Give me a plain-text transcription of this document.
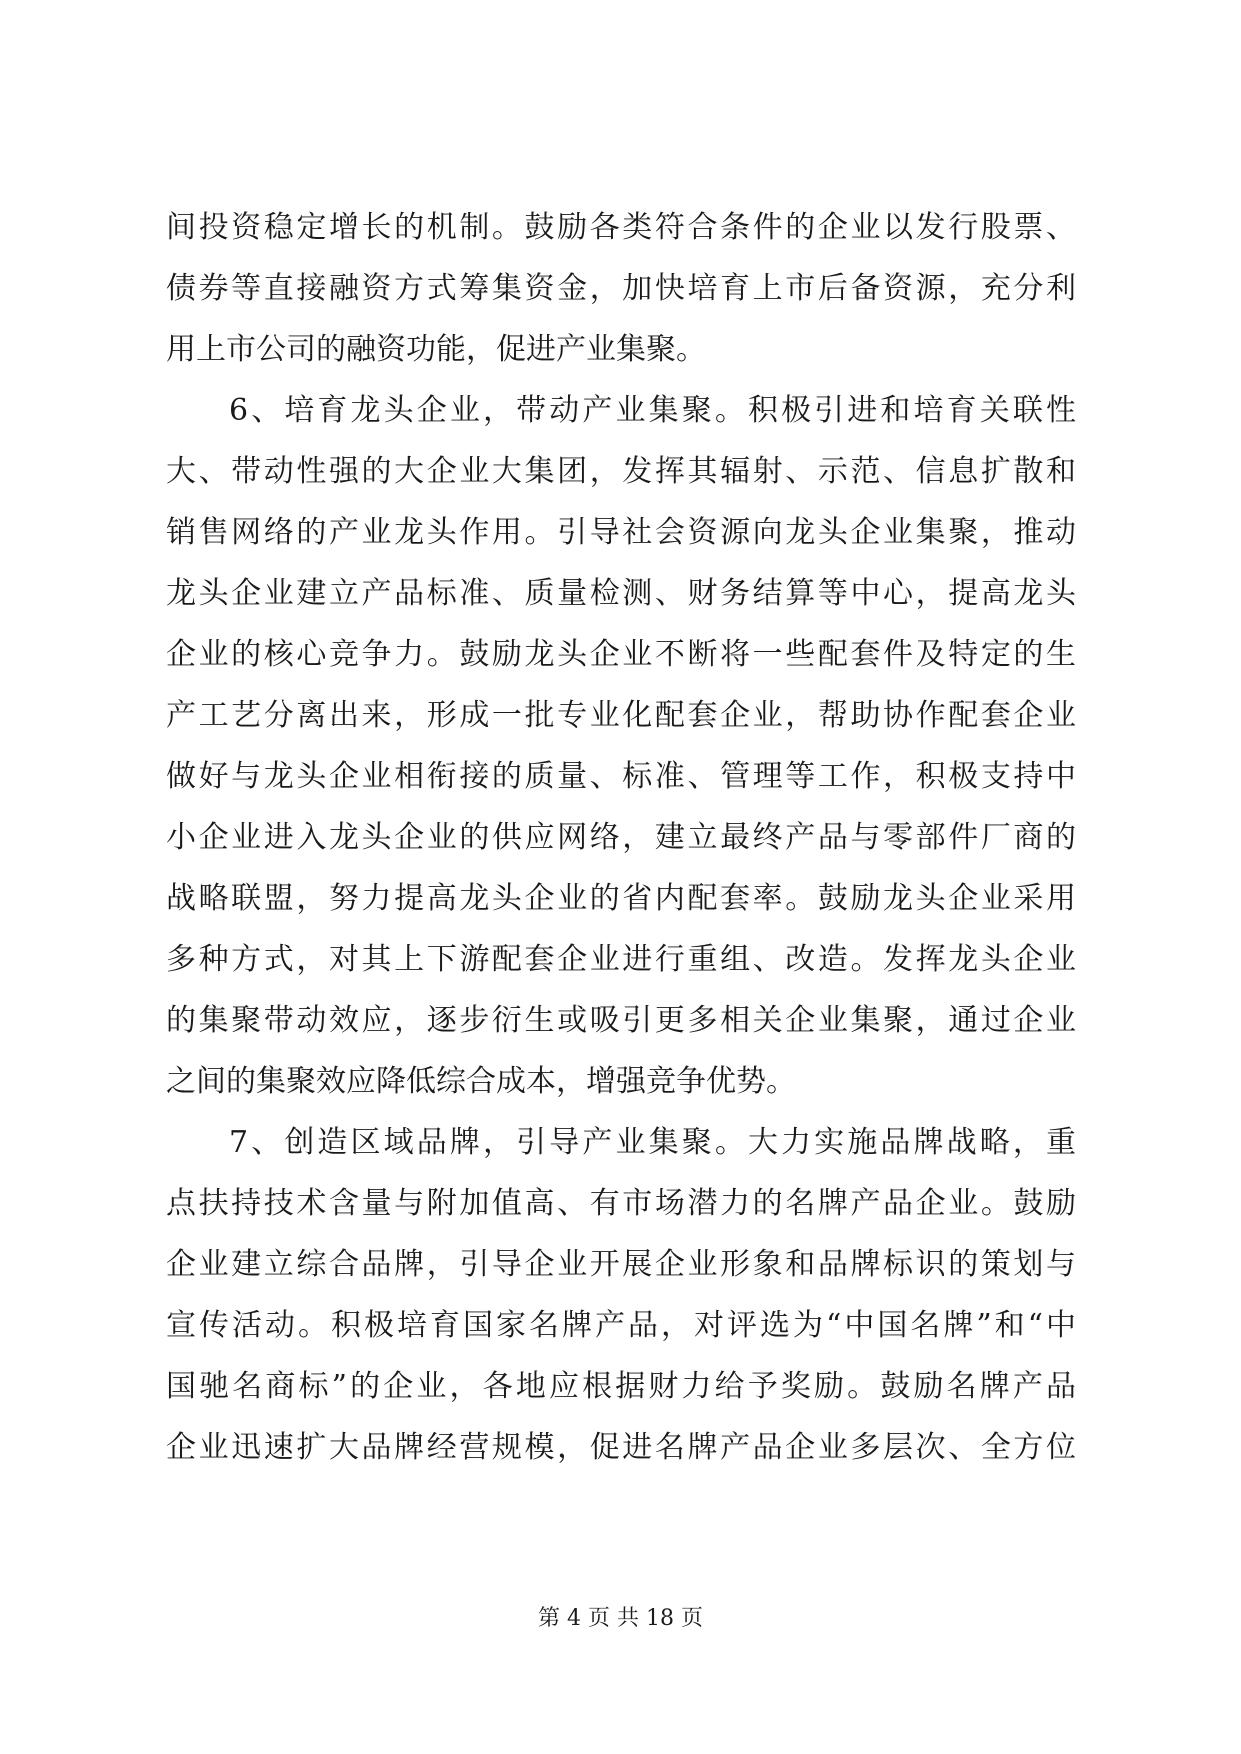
间投资稳定增长的机制。鼓励各类符合条件的企业以发行股票、
债券等直接融资方式筹集资金，加快培育上市后备资源，充分利
用上市公司的融资功能，促进产业集聚。
6、培育龙头企业，带动产业集聚。积极引进和培育关联性
大、带动性强的大企业大集团，发挥其辐射、示范、信息扩散和
销售网络的产业龙头作用。引导社会资源向龙头企业集聚，推动
龙头企业建立产品标准、质量检测、财务结算等中心，提高龙头
企业的核心竞争力。鼓励龙头企业不断将一些配套件及特定的生
产工艺分离出来，形成一批专业化配套企业，帮助协作配套企业
做好与龙头企业相衔接的质量、标准、管理等工作，积极支持中
小企业进入龙头企业的供应网络，建立最终产品与零部件厂商的
战略联盟，努力提高龙头企业的省内配套率。鼓励龙头企业采用
多种方式，对其上下游配套企业进行重组、改造。发挥龙头企业
的集聚带动效应，逐步衍生或吸引更多相关企业集聚，通过企业
之间的集聚效应降低综合成本，增强竞争优势。
7、创造区域品牌，引导产业集聚。大力实施品牌战略，重
点扶持技术含量与附加值高、有市场潜力的名牌产品企业。鼓励
企业建立综合品牌，引导企业开展企业形象和品牌标识的策划与
宣传活动。积极培育国家名牌产品，对评选为“中国名牌”和“中
国驰名商标”的企业，各地应根据财力给予奖励。鼓励名牌产品
企业迅速扩大品牌经营规模，促进名牌产品企业多层次、全方位
第 4 页 共 18 页
